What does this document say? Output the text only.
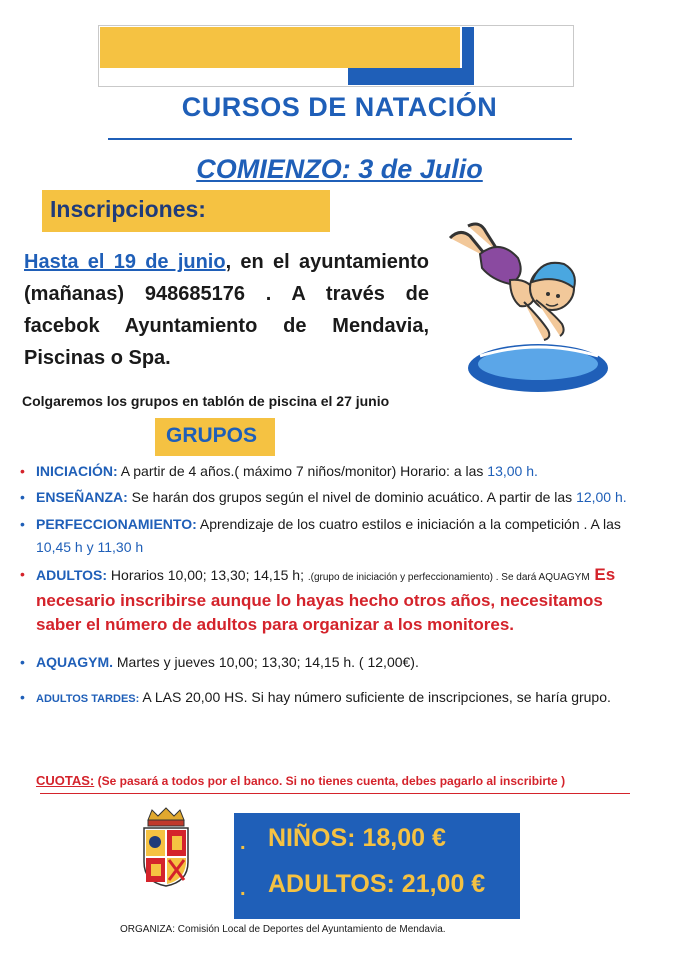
CURSOS DE NATACIÓN
COMIENZO: 3 de Julio
Inscripciones:
Hasta el 19 de junio, en el ayuntamiento (mañanas) 948685176 . A través de facebok Ayuntamiento de Mendavia, Piscinas o Spa.
Colgaremos los grupos en tablón de piscina el 27 junio
GRUPOS
• INICIACIÓN: A partir de 4 años.( máximo 7 niños/monitor) Horario: a las 13,00 h.
• ENSEÑANZA: Se harán dos grupos según el nivel de dominio acuático. A partir de las 12,00 h.
• PERFECCIONAMIENTO: Aprendizaje de los cuatro estilos e iniciación a la competición . A las 10,45 h y 11,30 h
• ADULTOS: Horarios 10,00; 13,30; 14,15 h; .(grupo de iniciación y perfeccionamiento) . Se dará AQUAGYM Es necesario inscribirse aunque lo hayas hecho otros años, necesitamos saber el número de adultos para organizar a los monitores.
• AQUAGYM. Martes y jueves 10,00; 13,30; 14,15 h. ( 12,00€).
• ADULTOS TARDES: A LAS 20,00 HS. Si hay número suficiente de inscripciones, se haría grupo.
CUOTAS: (Se pasará a todos por el banco. Si no tienes cuenta, debes pagarlo al inscribirte )
. NIÑOS: 18,00 €
. ADULTOS: 21,00 €
ORGANIZA: Comisión Local de Deportes del Ayuntamiento de Mendavia.
